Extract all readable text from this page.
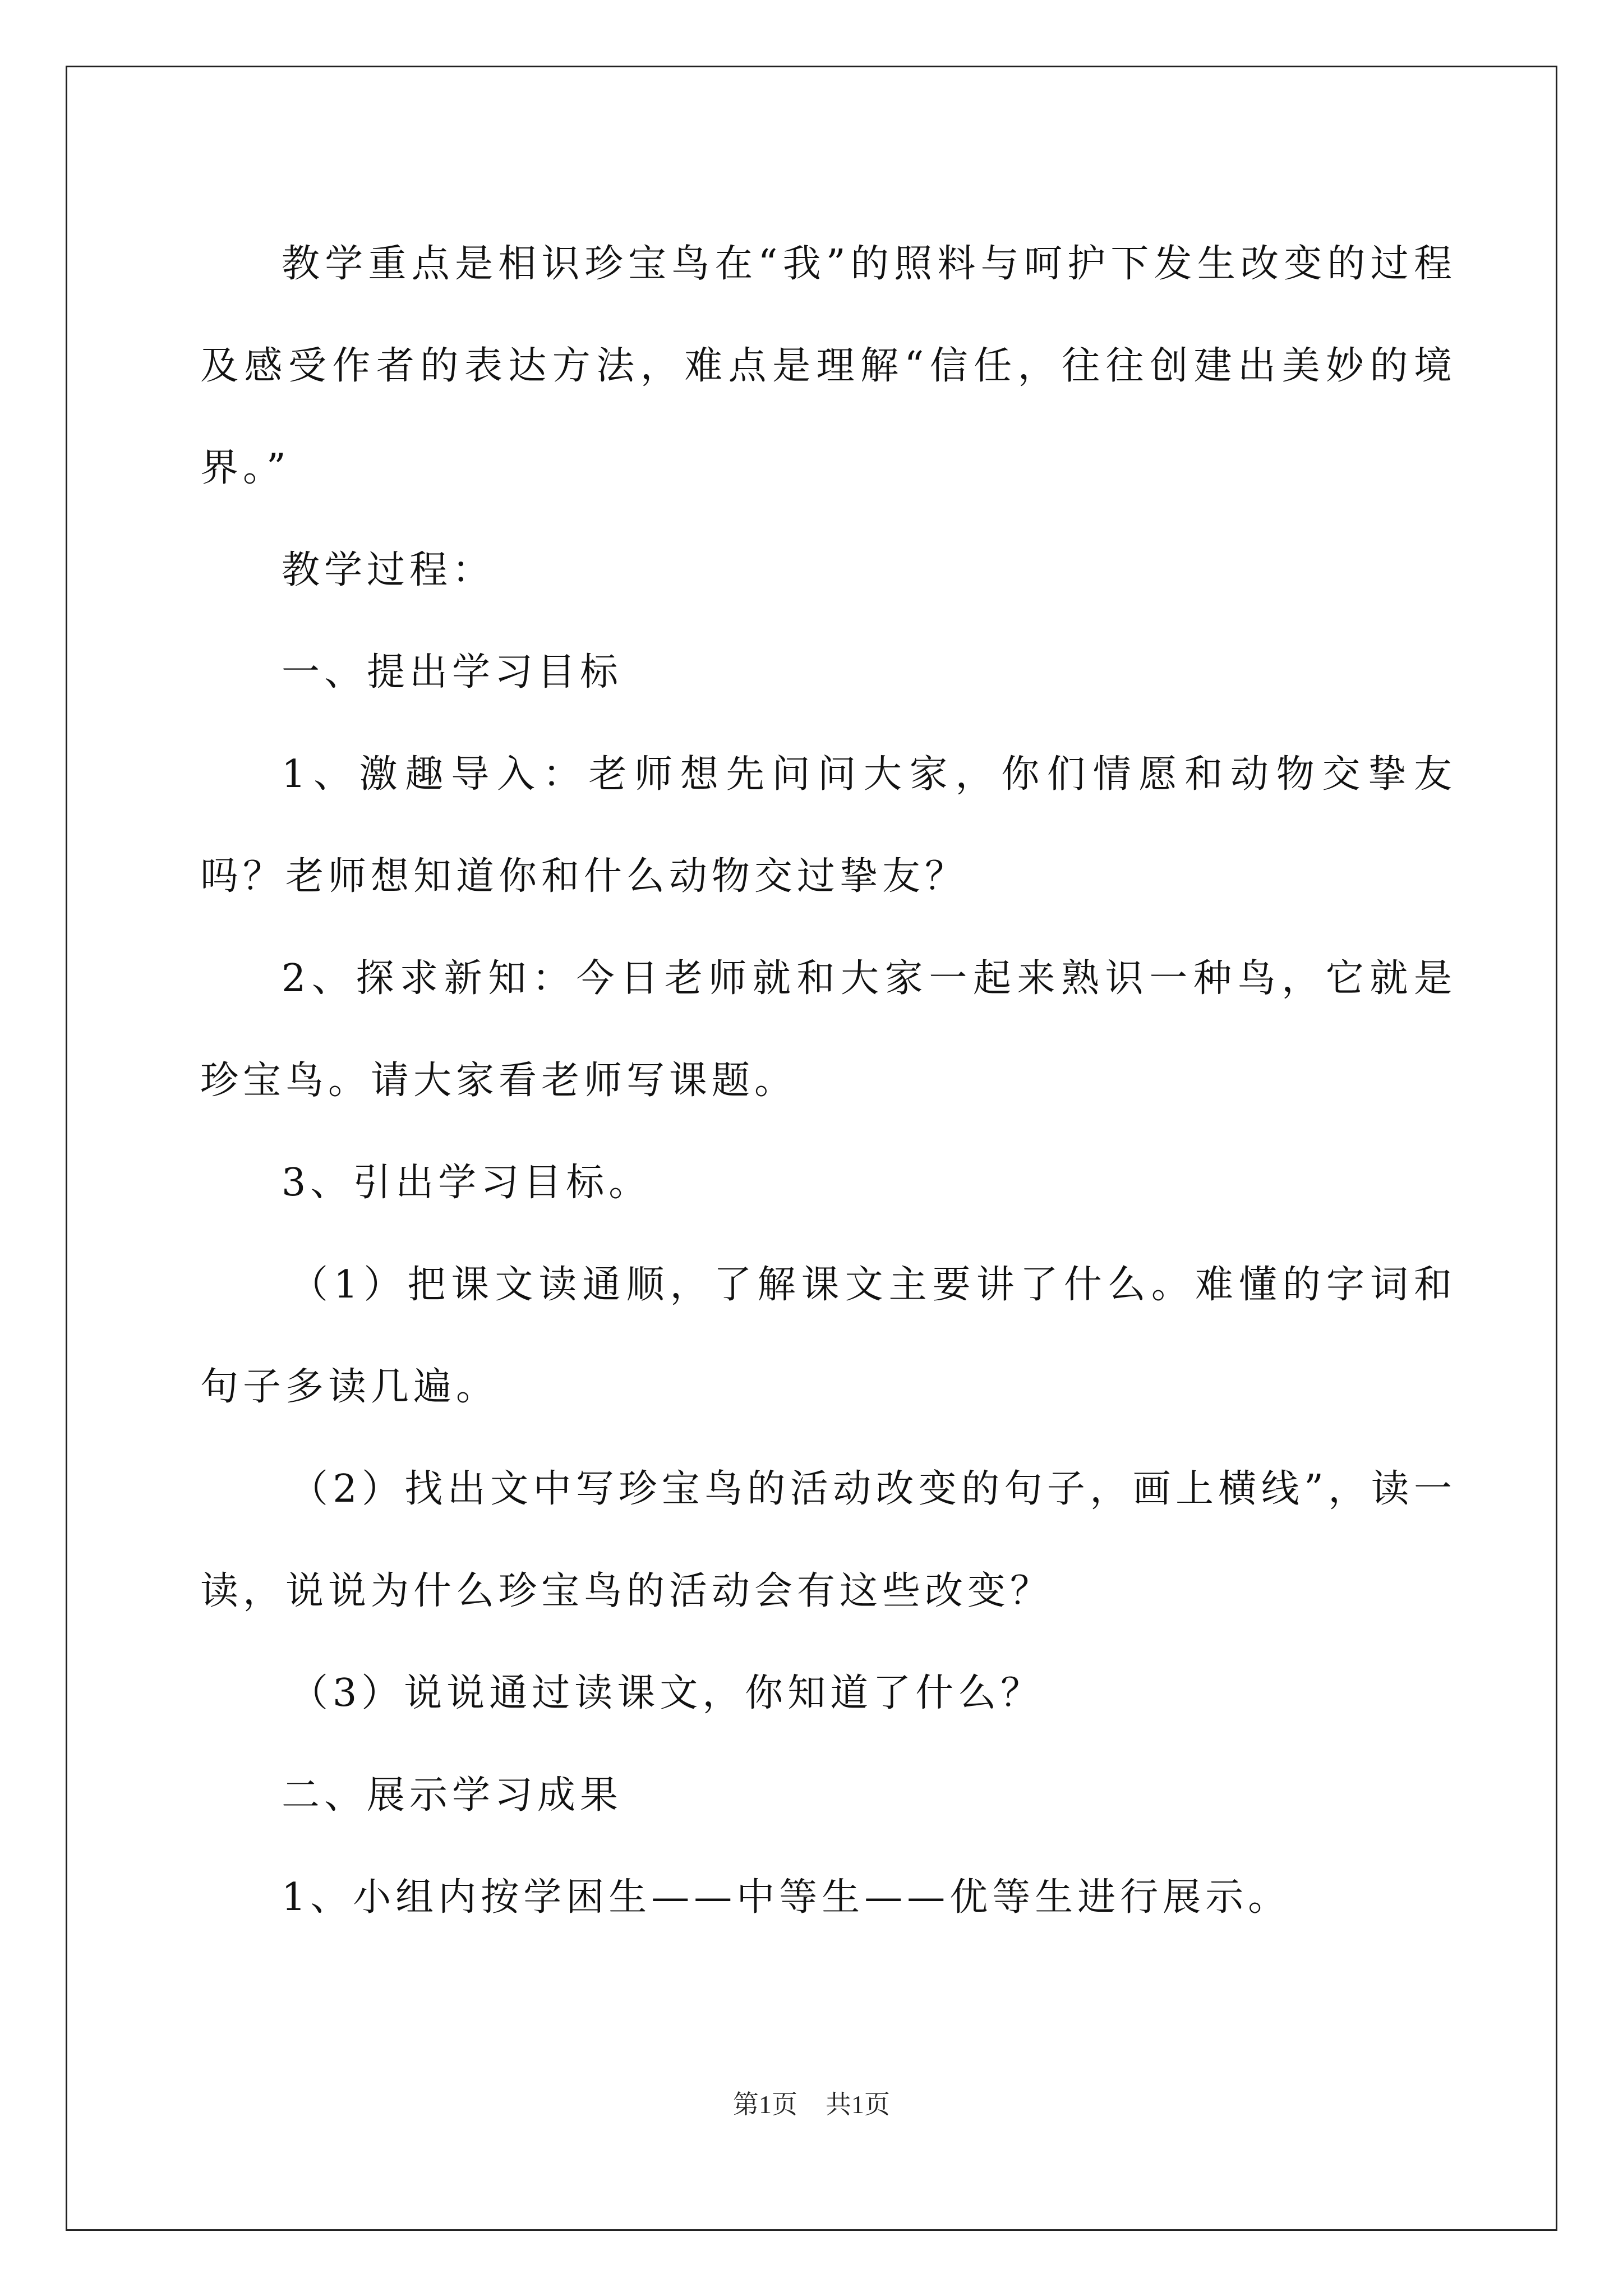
教学重点是相识珍宝鸟在“我”的照料与呵护下发生改变的过程及感受作者的表达方法，难点是理解“信任，往往创建出美妙的境界。”

教学过程：

一、提出学习目标

1、激趣导入：老师想先问问大家，你们情愿和动物交挚友吗？老师想知道你和什么动物交过挚友？

2、探求新知：今日老师就和大家一起来熟识一种鸟，它就是珍宝鸟。请大家看老师写课题。

3、引出学习目标。

（1）把课文读通顺，了解课文主要讲了什么。难懂的字词和句子多读几遍。

（2）找出文中写珍宝鸟的活动改变的句子，画上横线”，读一读，说说为什么珍宝鸟的活动会有这些改变？

（3）说说通过读课文，你知道了什么？

二、展示学习成果

1、小组内按学困生——中等生——优等生进行展示。

第1页 共1页
